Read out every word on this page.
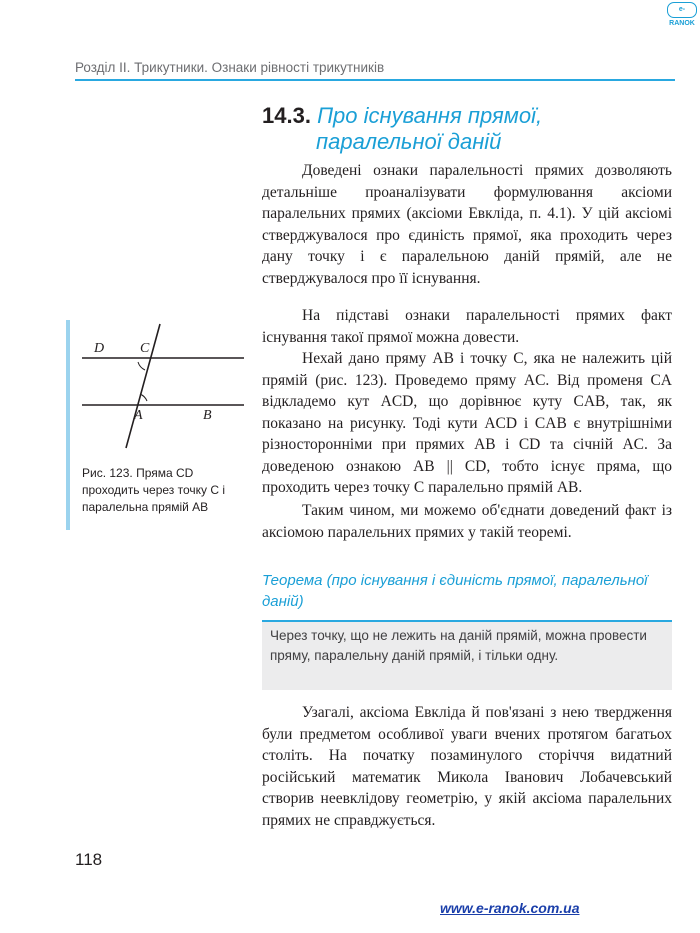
e-RANOK
Розділ ІІ. Трикутники. Ознаки рівності трикутників
14.3. Про існування прямої,
паралельної даній

Доведені ознаки паралельності прямих дозволяють детальніше проаналізувати формулювання аксіоми паралельних прямих (аксіоми Евкліда, п. 4.1). У цій аксіомі стверджувалося про єдиність прямої, яка проходить через дану точку і є паралельною даній прямій, але не стверджувалося про її існування.

На підставі ознаки паралельності прямих факт існування такої прямої можна довести.

Нехай дано пряму AB і точку C, яка не належить цій прямій (рис. 123). Проведемо пряму AC. Від променя CA відкладемо кут ACD, що дорівнює куту CAB, так, як показано на рисунку. Тоді кути ACD і CAB є внутрішніми різносторонніми при прямих AB і CD та січній AC. За доведеною ознакою AB || CD, тобто існує пряма, що проходить через точку C паралельно прямій AB.

Таким чином, ми можемо об'єднати доведений факт із аксіомою паралельних прямих у такій теоремі.

D	C
A	B
Рис. 123. Пряма CD проходить через точку C і паралельна прямій AB
Теорема (про існування і єдиність прямої, паралельної даній)
Через точку, що не лежить на даній прямій, можна провести пряму, паралельну даній прямій, і тільки одну.

Узагалі, аксіома Евкліда й пов'язані з нею твердження були предметом особливої уваги вчених протягом багатьох століть. На початку позаминулого сторіччя видатний російський математик Микола Іванович Лобачевський створив неевклідову геометрію, у якій аксіома паралельних прямих не справджується.

118
www.e-ranok.com.ua
